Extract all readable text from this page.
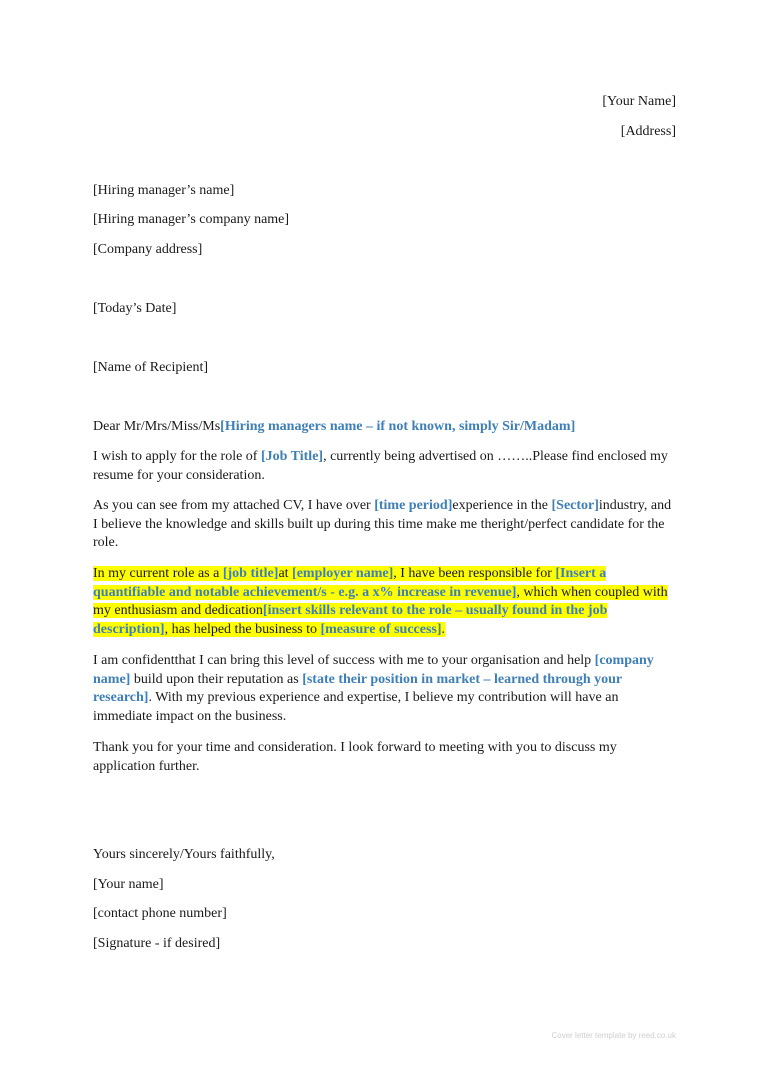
[Your Name]
[Address]
[Hiring manager’s name]
[Hiring manager’s company name]
[Company address]
[Today’s Date]
[Name of Recipient]
Dear Mr/Mrs/Miss/Ms[Hiring managers name – if not known, simply Sir/Madam]
I wish to apply for the role of [Job Title], currently being advertised on ……..Please find enclosed my resume for your consideration.
As you can see from my attached CV, I have over [time period]experience in the [Sector]industry, and I believe the knowledge and skills built up during this time make me theright/perfect candidate for the role.
In my current role as a [job title]at [employer name], I have been responsible for [Insert a quantifiable and notable achievement/s - e.g. a x% increase in revenue], which when coupled with my enthusiasm and dedication[insert skills relevant to the role – usually found in the job description], has helped the business to [measure of success].
I am confidentthat I can bring this level of success with me to your organisation and help [company name] build upon their reputation as [state their position in market – learned through your research]. With my previous experience and expertise, I believe my contribution will have an immediate impact on the business.
Thank you for your time and consideration. I look forward to meeting with you to discuss my application further.
Yours sincerely/Yours faithfully,
[Your name]
[contact phone number]
[Signature - if desired]
Cover letter template by reed.co.uk
